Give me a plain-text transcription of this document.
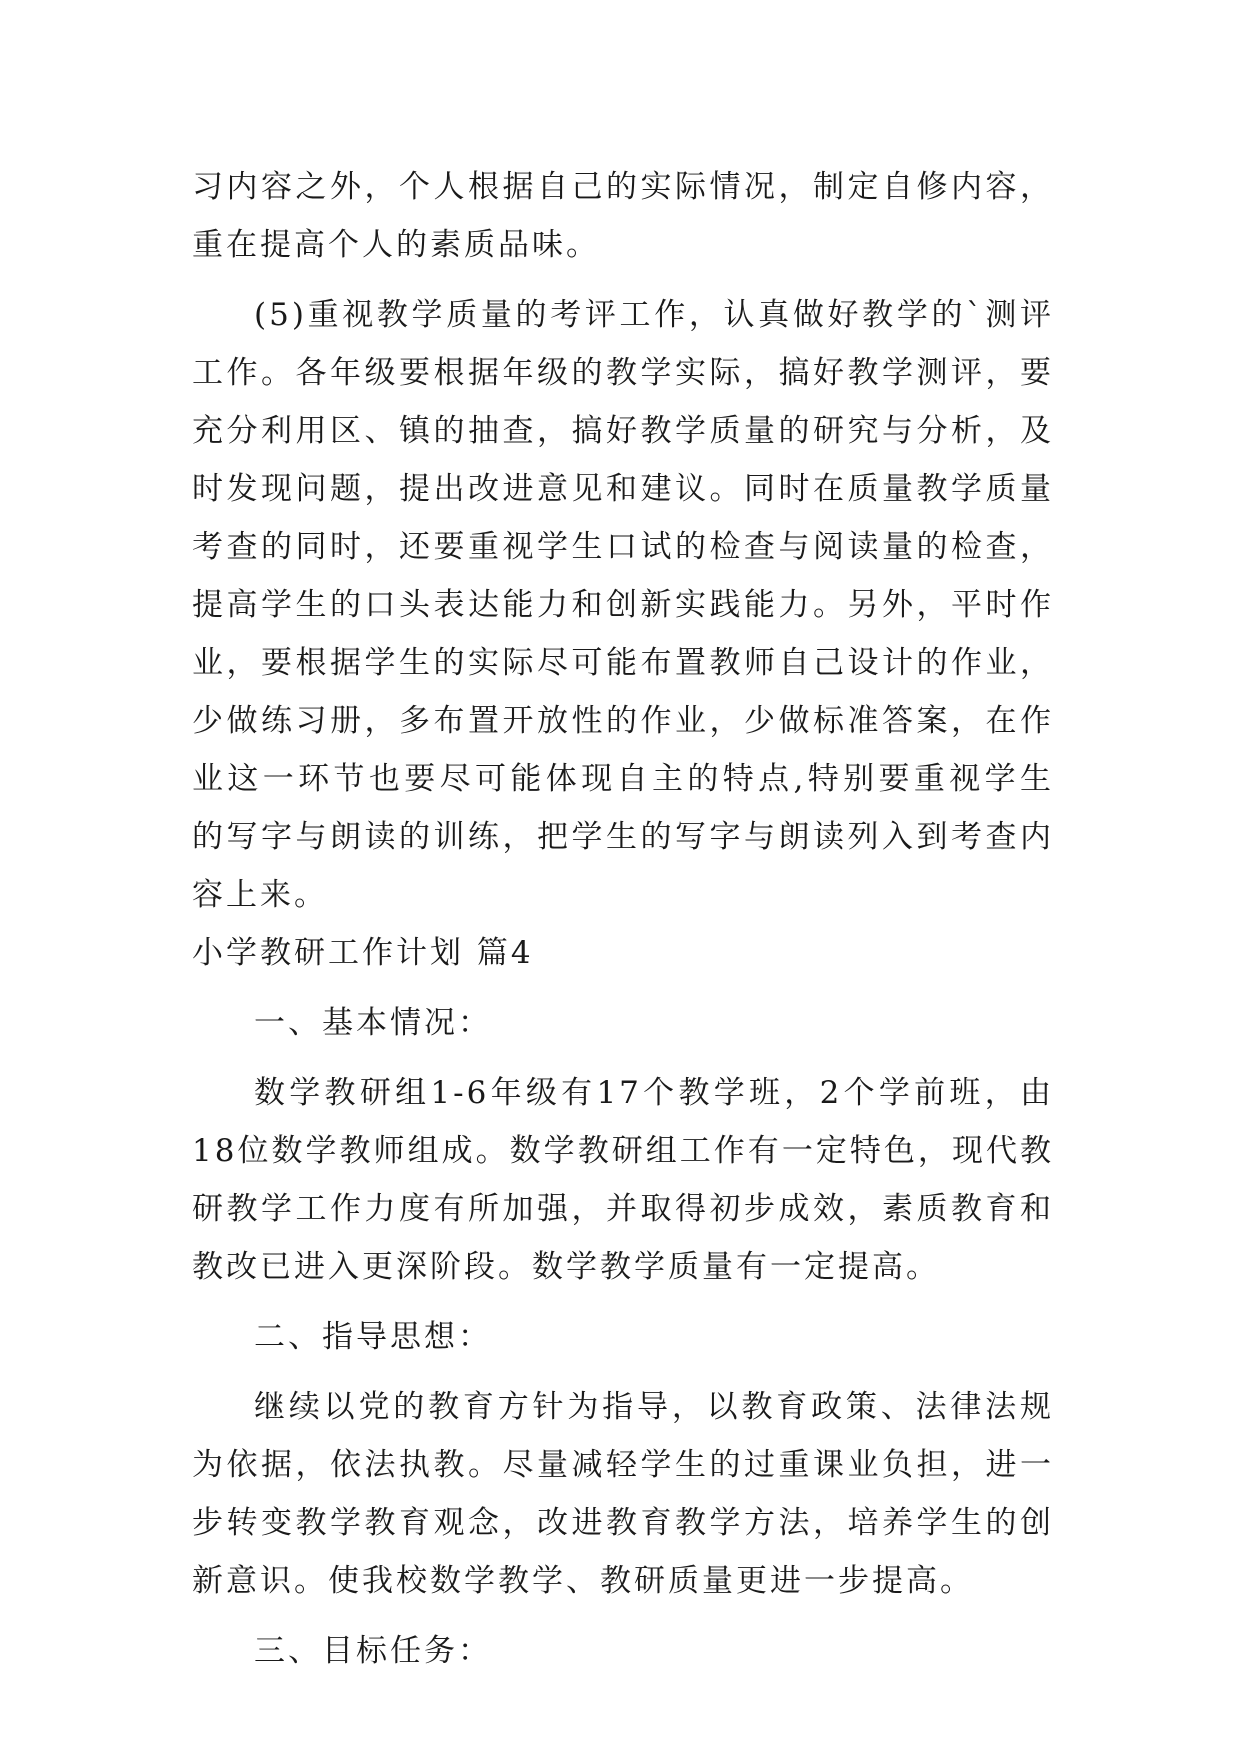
习内容之外，个人根据自己的实际情况，制定自修内容，重在提高个人的素质品味。

(5)重视教学质量的考评工作，认真做好教学的`测评工作。各年级要根据年级的教学实际，搞好教学测评，要充分利用区、镇的抽查，搞好教学质量的研究与分析，及时发现问题，提出改进意见和建议。同时在质量教学质量考查的同时，还要重视学生口试的检查与阅读量的检查，提高学生的口头表达能力和创新实践能力。另外，平时作业，要根据学生的实际尽可能布置教师自己设计的作业，少做练习册，多布置开放性的作业，少做标准答案，在作业这一环节也要尽可能体现自主的特点,特别要重视学生的写字与朗读的训练，把学生的写字与朗读列入到考查内容上来。

小学教研工作计划 篇4

一、基本情况：

数学教研组1-6年级有17个教学班，2个学前班，由18位数学教师组成。数学教研组工作有一定特色，现代教研教学工作力度有所加强，并取得初步成效，素质教育和教改已进入更深阶段。数学教学质量有一定提高。

二、指导思想：

继续以党的教育方针为指导，以教育政策、法律法规为依据，依法执教。尽量减轻学生的过重课业负担，进一步转变教学教育观念，改进教育教学方法，培养学生的创新意识。使我校数学教学、教研质量更进一步提高。

三、目标任务：
